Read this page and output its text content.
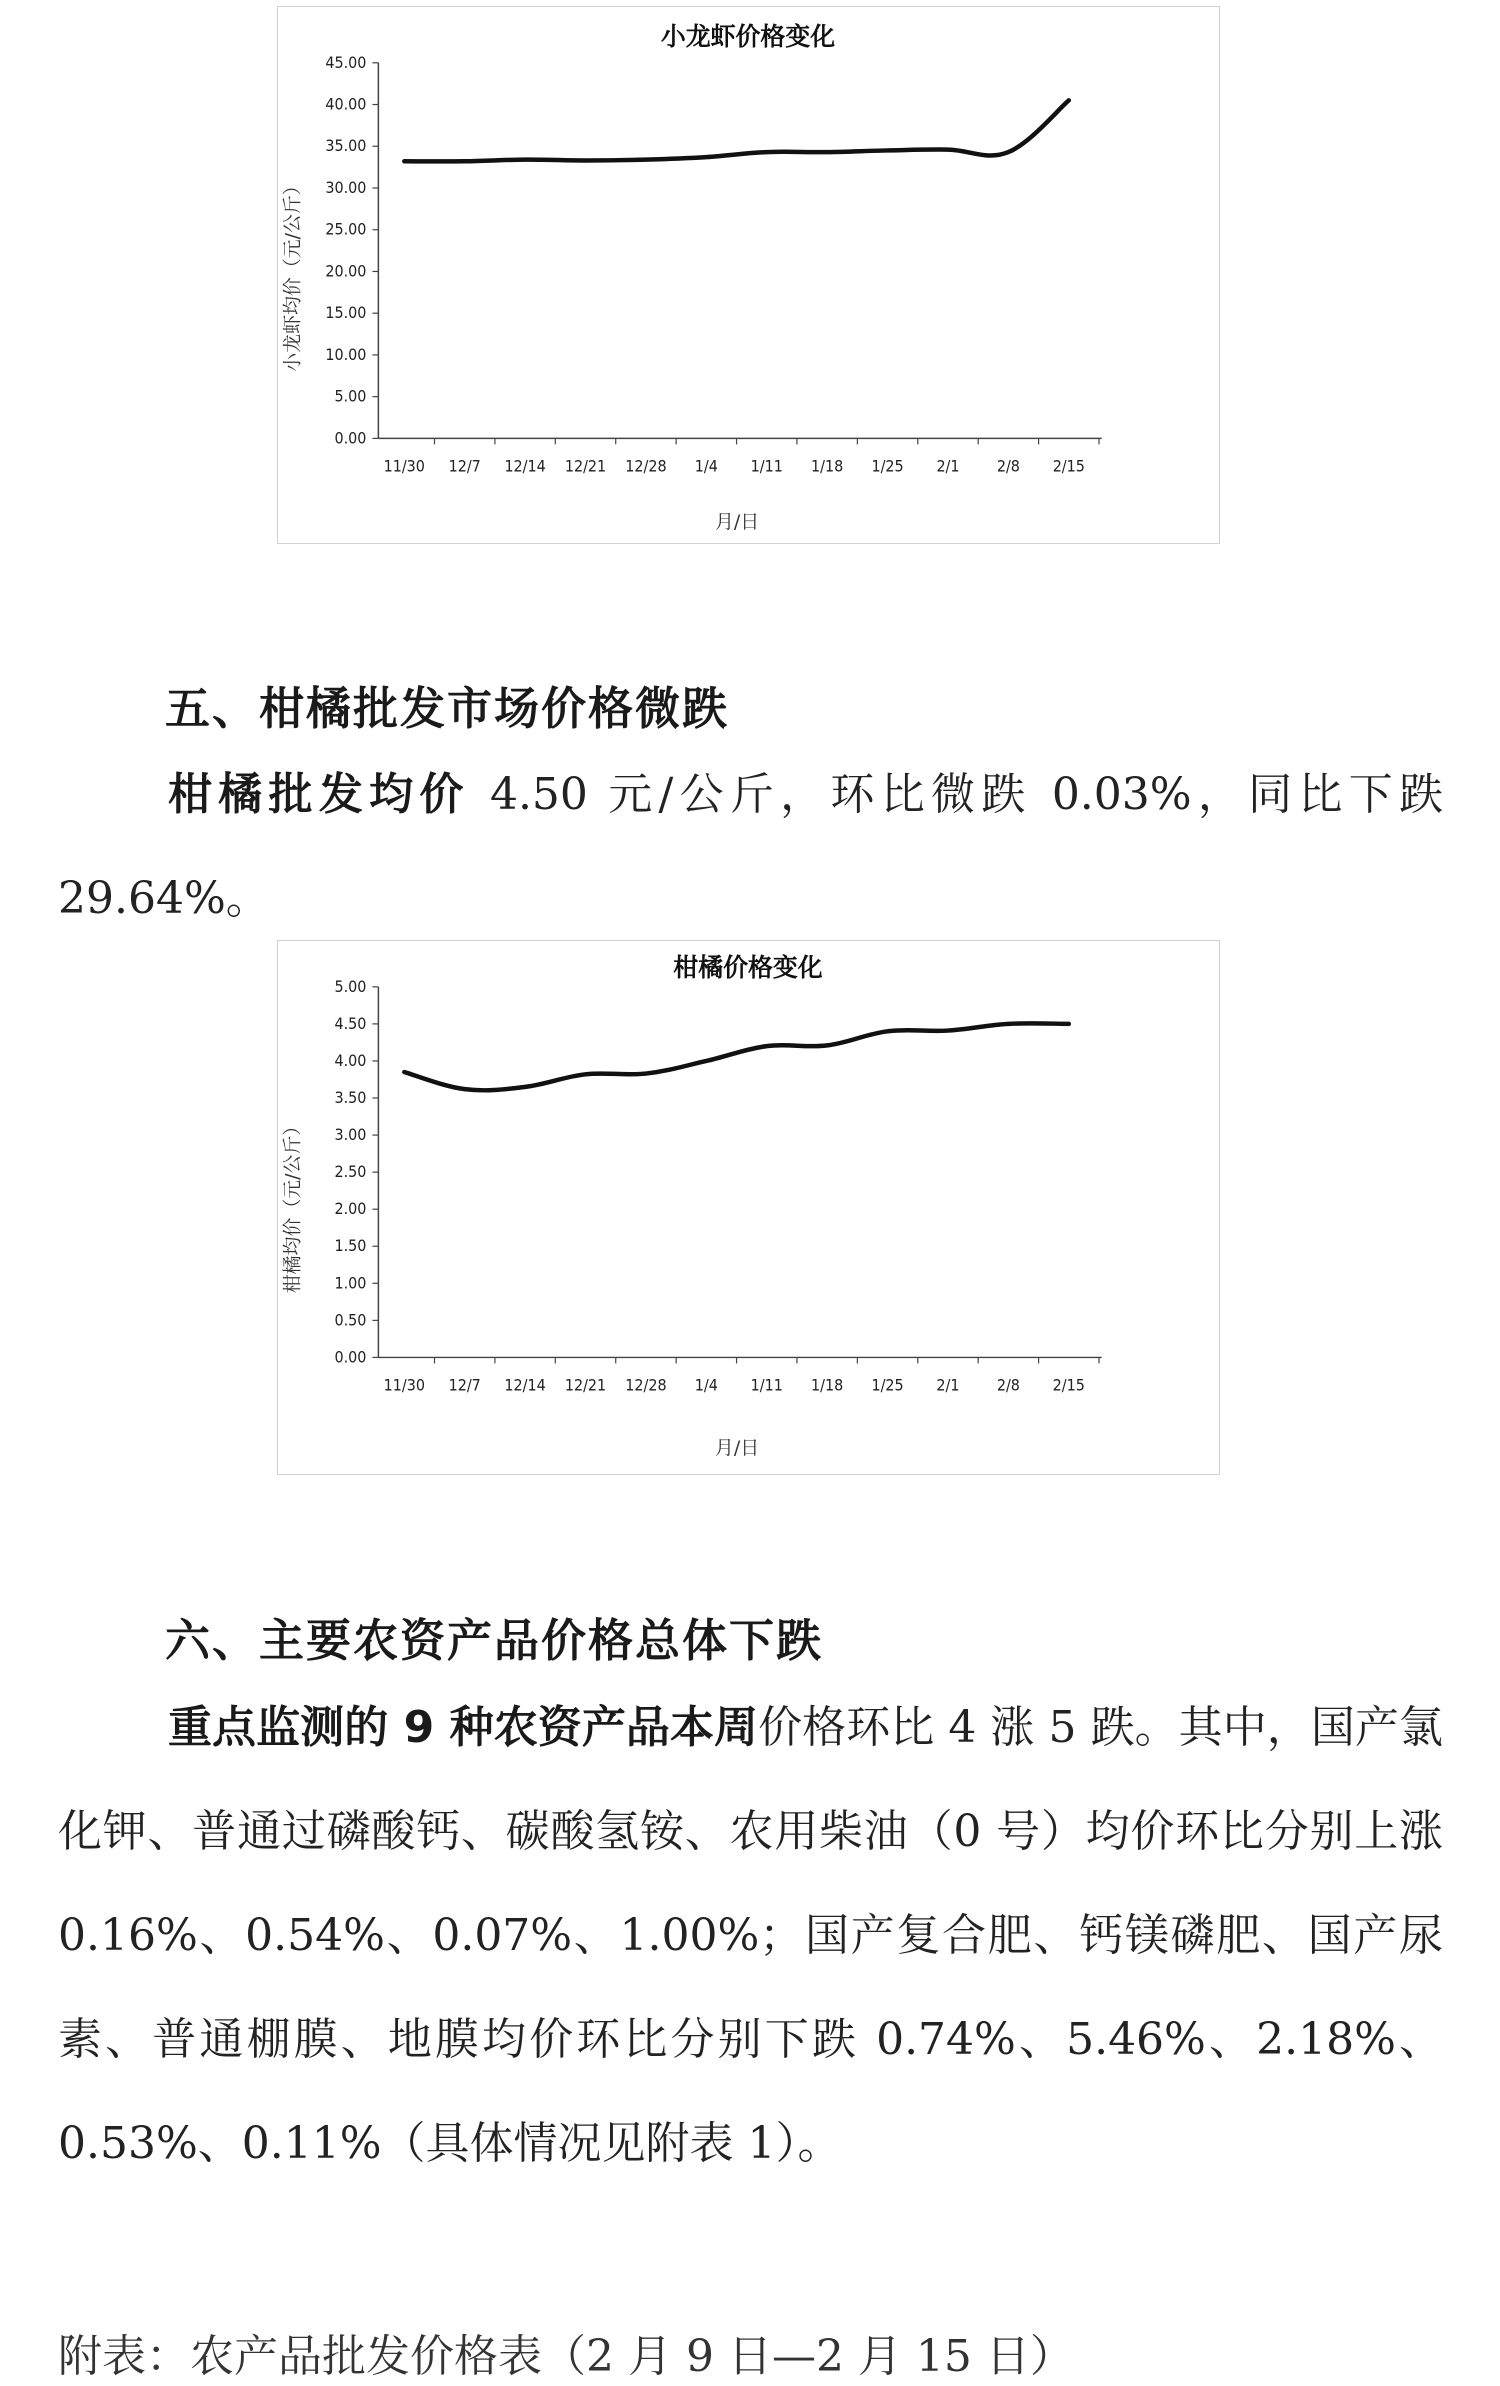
小龙虾价格变化
小龙虾均价（元/公斤）
月/日
0.00
5.00
10.00
15.00
20.00
25.00
30.00
35.00
40.00
45.00
11/30 12/7 12/14 12/21 12/28 1/4 1/11 1/18 1/25 2/1 2/8 2/15
五、柑橘批发市场价格微跌
柑橘批发均价 4.50 元/公斤，环比微跌 0.03%，同比下跌 29.64%。
柑橘价格变化
柑橘均价（元/公斤）
月/日
0.00
0.50
1.00
1.50
2.00
2.50
3.00
3.50
4.00
4.50
5.00
11/30 12/7 12/14 12/21 12/28 1/4 1/11 1/18 1/25 2/1 2/8 2/15
六、主要农资产品价格总体下跌
重点监测的 9 种农资产品本周价格环比 4 涨 5 跌。其中，国产氯化钾、普通过磷酸钙、碳酸氢铵、农用柴油（0 号）均价环比分别上涨 0.16%、0.54%、0.07%、1.00%；国产复合肥、钙镁磷肥、国产尿素、普通棚膜、地膜均价环比分别下跌 0.74%、5.46%、2.18%、0.53%、0.11%（具体情况见附表 1）。
附表：农产品批发价格表（2 月 9 日—2 月 15 日）
